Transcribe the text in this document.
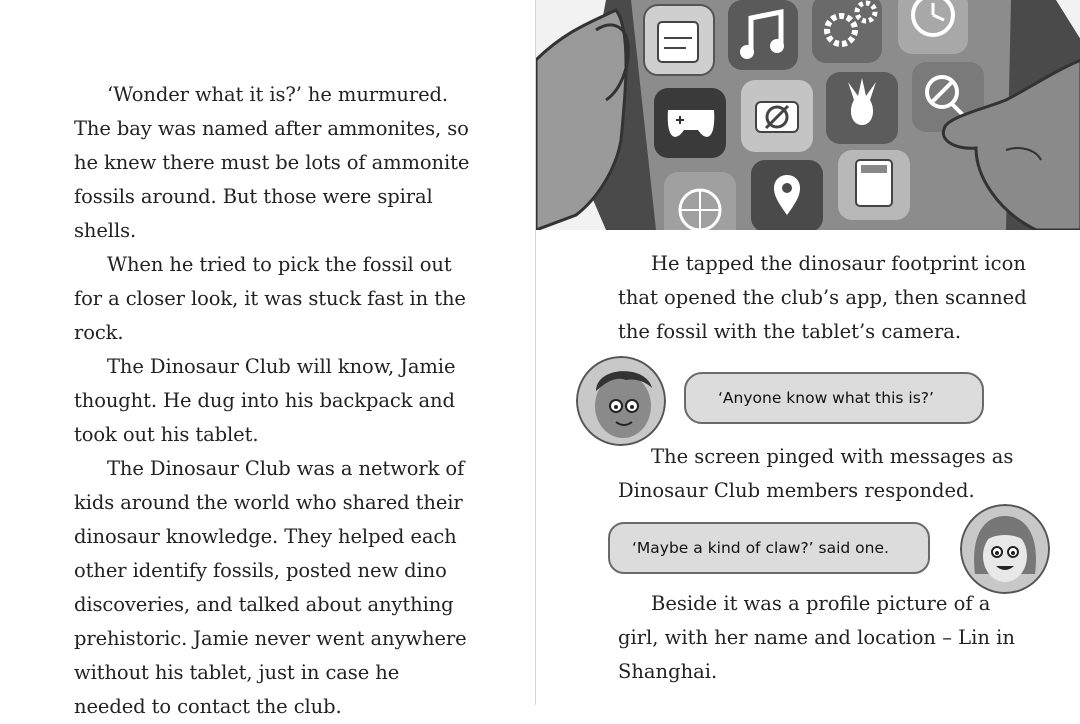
‘Wonder what it is?’ he murmured. The bay was named after ammonites, so he knew there must be lots of ammonite fossils around. But those were spiral shells.

When he tried to pick the fossil out for a closer look, it was stuck fast in the rock.

The Dinosaur Club will know, Jamie thought. He dug into his backpack and took out his tablet.

The Dinosaur Club was a network of kids around the world who shared their dinosaur knowledge. They helped each other identify fossils, posted new dino discoveries, and talked about anything prehistoric. Jamie never went anywhere without his tablet, just in case he needed to contact the club.

He tapped the dinosaur footprint icon that opened the club’s app, then scanned the fossil with the tablet’s camera.

‘Anyone know what this is?’

The screen pinged with messages as Dinosaur Club members responded.

‘Maybe a kind of claw?’ said one.

Beside it was a profile picture of a girl, with her name and location – Lin in Shanghai.
